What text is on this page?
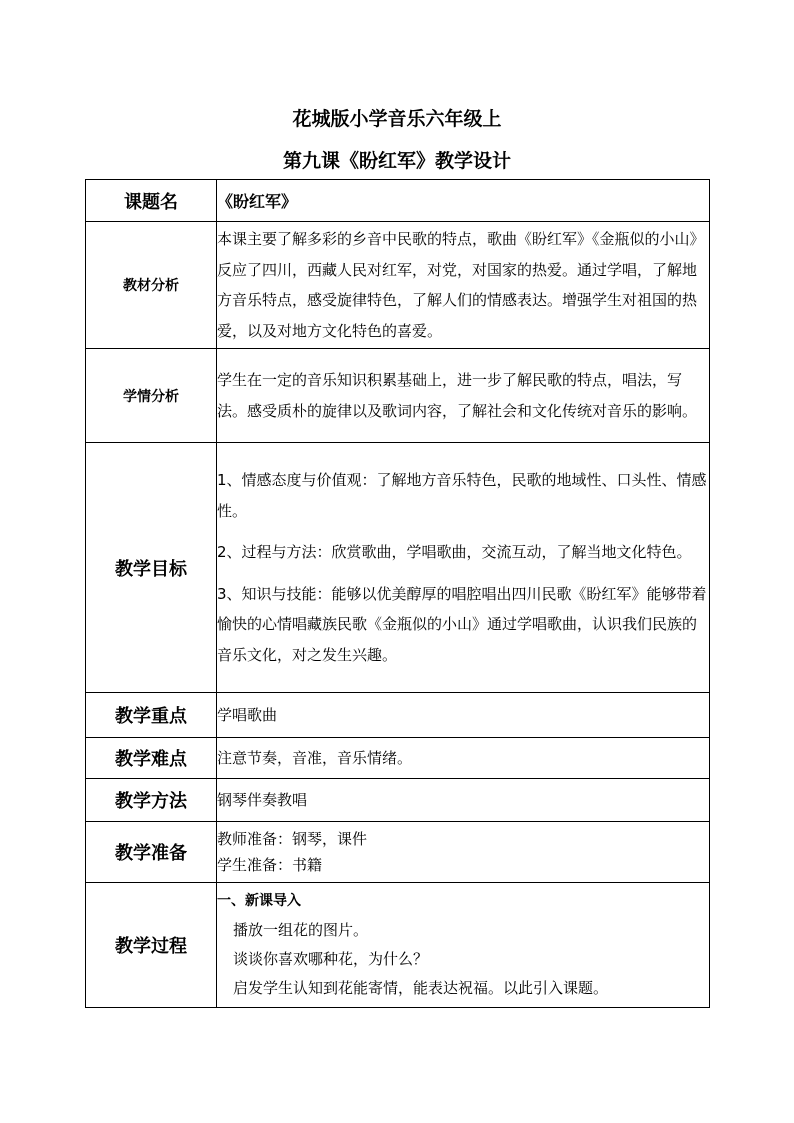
花城版小学音乐六年级上
第九课《盼红军》教学设计
课题名	《盼红军》
教材分析	本课主要了解多彩的乡音中民歌的特点，歌曲《盼红军》《金瓶似的小山》反应了四川，西藏人民对红军，对党，对国家的热爱。通过学唱，了解地方音乐特点，感受旋律特色，了解人们的情感表达。增强学生对祖国的热爱，以及对地方文化特色的喜爱。
学情分析	学生在一定的音乐知识积累基础上，进一步了解民歌的特点，唱法，写法。感受质朴的旋律以及歌词内容，了解社会和文化传统对音乐的影响。
教学目标	1、情感态度与价值观：了解地方音乐特色，民歌的地域性、口头性、情感性。

2、过程与方法：欣赏歌曲，学唱歌曲，交流互动，了解当地文化特色。

3、知识与技能：能够以优美醇厚的唱腔唱出四川民歌《盼红军》能够带着愉快的心情唱藏族民歌《金瓶似的小山》通过学唱歌曲，认识我们民族的音乐文化，对之发生兴趣。

教学重点	学唱歌曲
教学难点	注意节奏，音准，音乐情绪。
教学方法	钢琴伴奏教唱
教学准备	教师准备：钢琴，课件
学生准备：书籍

教学过程	一、新课导入
播放一组花的图片。
谈谈你喜欢哪种花，为什么？
启发学生认知到花能寄情，能表达祝福。以此引入课题。
